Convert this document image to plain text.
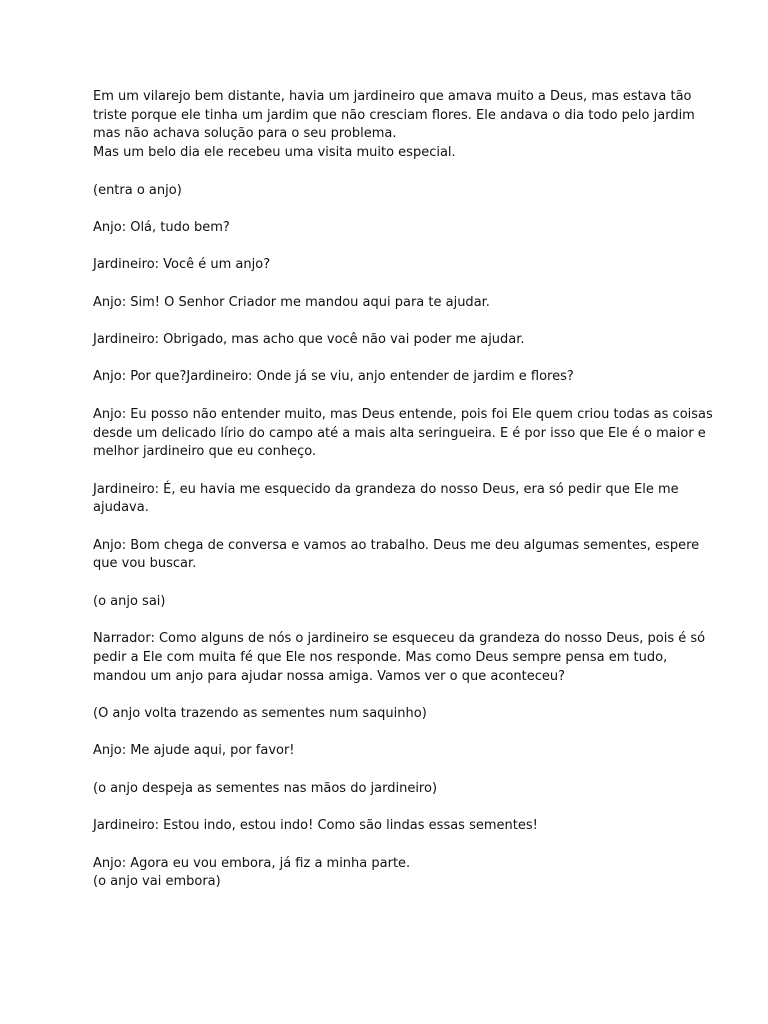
Em um vilarejo bem distante, havia um jardineiro que amava muito a Deus, mas estava tão
triste porque ele tinha um jardim que não cresciam flores. Ele andava o dia todo pelo jardim
mas não achava solução para o seu problema.
Mas um belo dia ele recebeu uma visita muito especial.

(entra o anjo)

Anjo: Olá, tudo bem?

Jardineiro: Você é um anjo?

Anjo: Sim! O Senhor Criador me mandou aqui para te ajudar.

Jardineiro: Obrigado, mas acho que você não vai poder me ajudar.

Anjo: Por que?Jardineiro: Onde já se viu, anjo entender de jardim e flores?

Anjo: Eu posso não entender muito, mas Deus entende, pois foi Ele quem criou todas as coisas
desde um delicado lírio do campo até a mais alta seringueira. E é por isso que Ele é o maior e
melhor jardineiro que eu conheço.

Jardineiro: É, eu havia me esquecido da grandeza do nosso Deus, era só pedir que Ele me
ajudava.

Anjo: Bom chega de conversa e vamos ao trabalho. Deus me deu algumas sementes, espere
que vou buscar.

(o anjo sai)

Narrador: Como alguns de nós o jardineiro se esqueceu da grandeza do nosso Deus, pois é só
pedir a Ele com muita fé que Ele nos responde. Mas como Deus sempre pensa em tudo,
mandou um anjo para ajudar nossa amiga. Vamos ver o que aconteceu?

(O anjo volta trazendo as sementes num saquinho)

Anjo: Me ajude aqui, por favor!

(o anjo despeja as sementes nas mãos do jardineiro)

Jardineiro: Estou indo, estou indo! Como são lindas essas sementes!

Anjo: Agora eu vou embora, já fiz a minha parte.
(o anjo vai embora)
